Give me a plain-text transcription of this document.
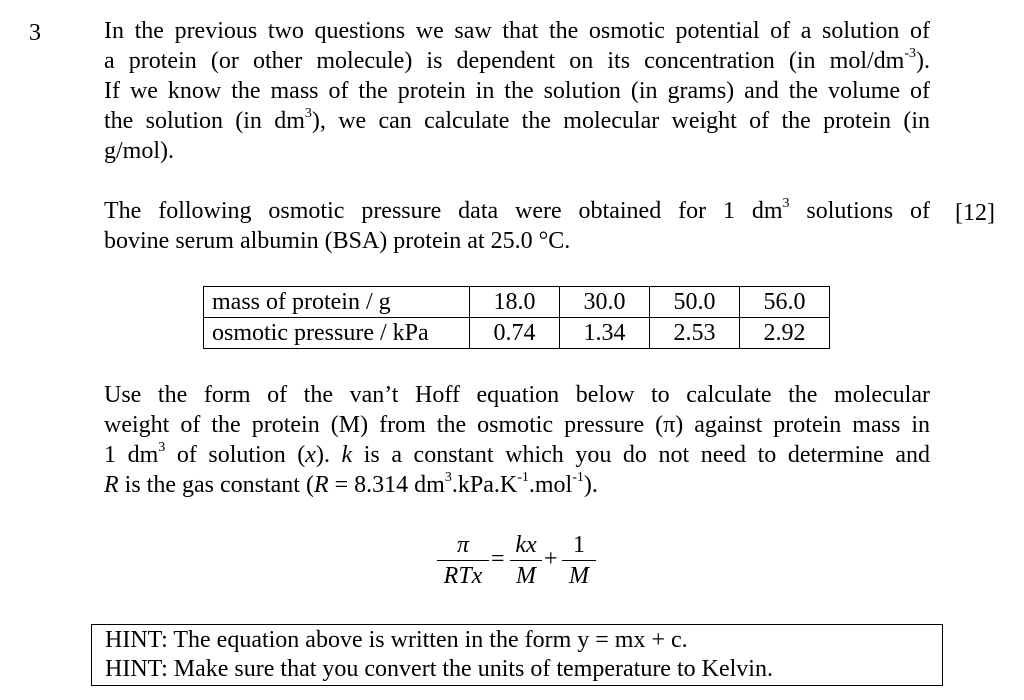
3	In the previous two questions we saw that the osmotic potential of a solution of
a protein (or other molecule) is dependent on its concentration (in mol/$dm^{-3}$).
If we know the mass of the protein in the solution (in grams) and the volume of
the solution (in $dm^3$), we can calculate the molecular weight of the protein (in
g/mol).
The following osmotic pressure data were obtained for 1 $dm^3$ solutions of
bovine serum albumin (BSA) protein at 25.0 °C.
[12]
mass of protein / g	18.0	30.0	50.0	56.0
osmotic pressure / kPa	0.74	1.34	2.53	2.92
Use the form of the van’t Hoff equation below to calculate the molecular
weight of the protein (M) from the osmotic pressure (π) against protein mass in
1 $dm^3$ of solution (x). k is a constant which you do not need to determine and
R is the gas constant (R = 8.314 $dm^3.kPa.K^{-1}.mol^{-1}$).
π
RTx
=
kx
M
+
1
M
HINT: The equation above is written in the form y = mx + c.
HINT: Make sure that you convert the units of temperature to Kelvin.
